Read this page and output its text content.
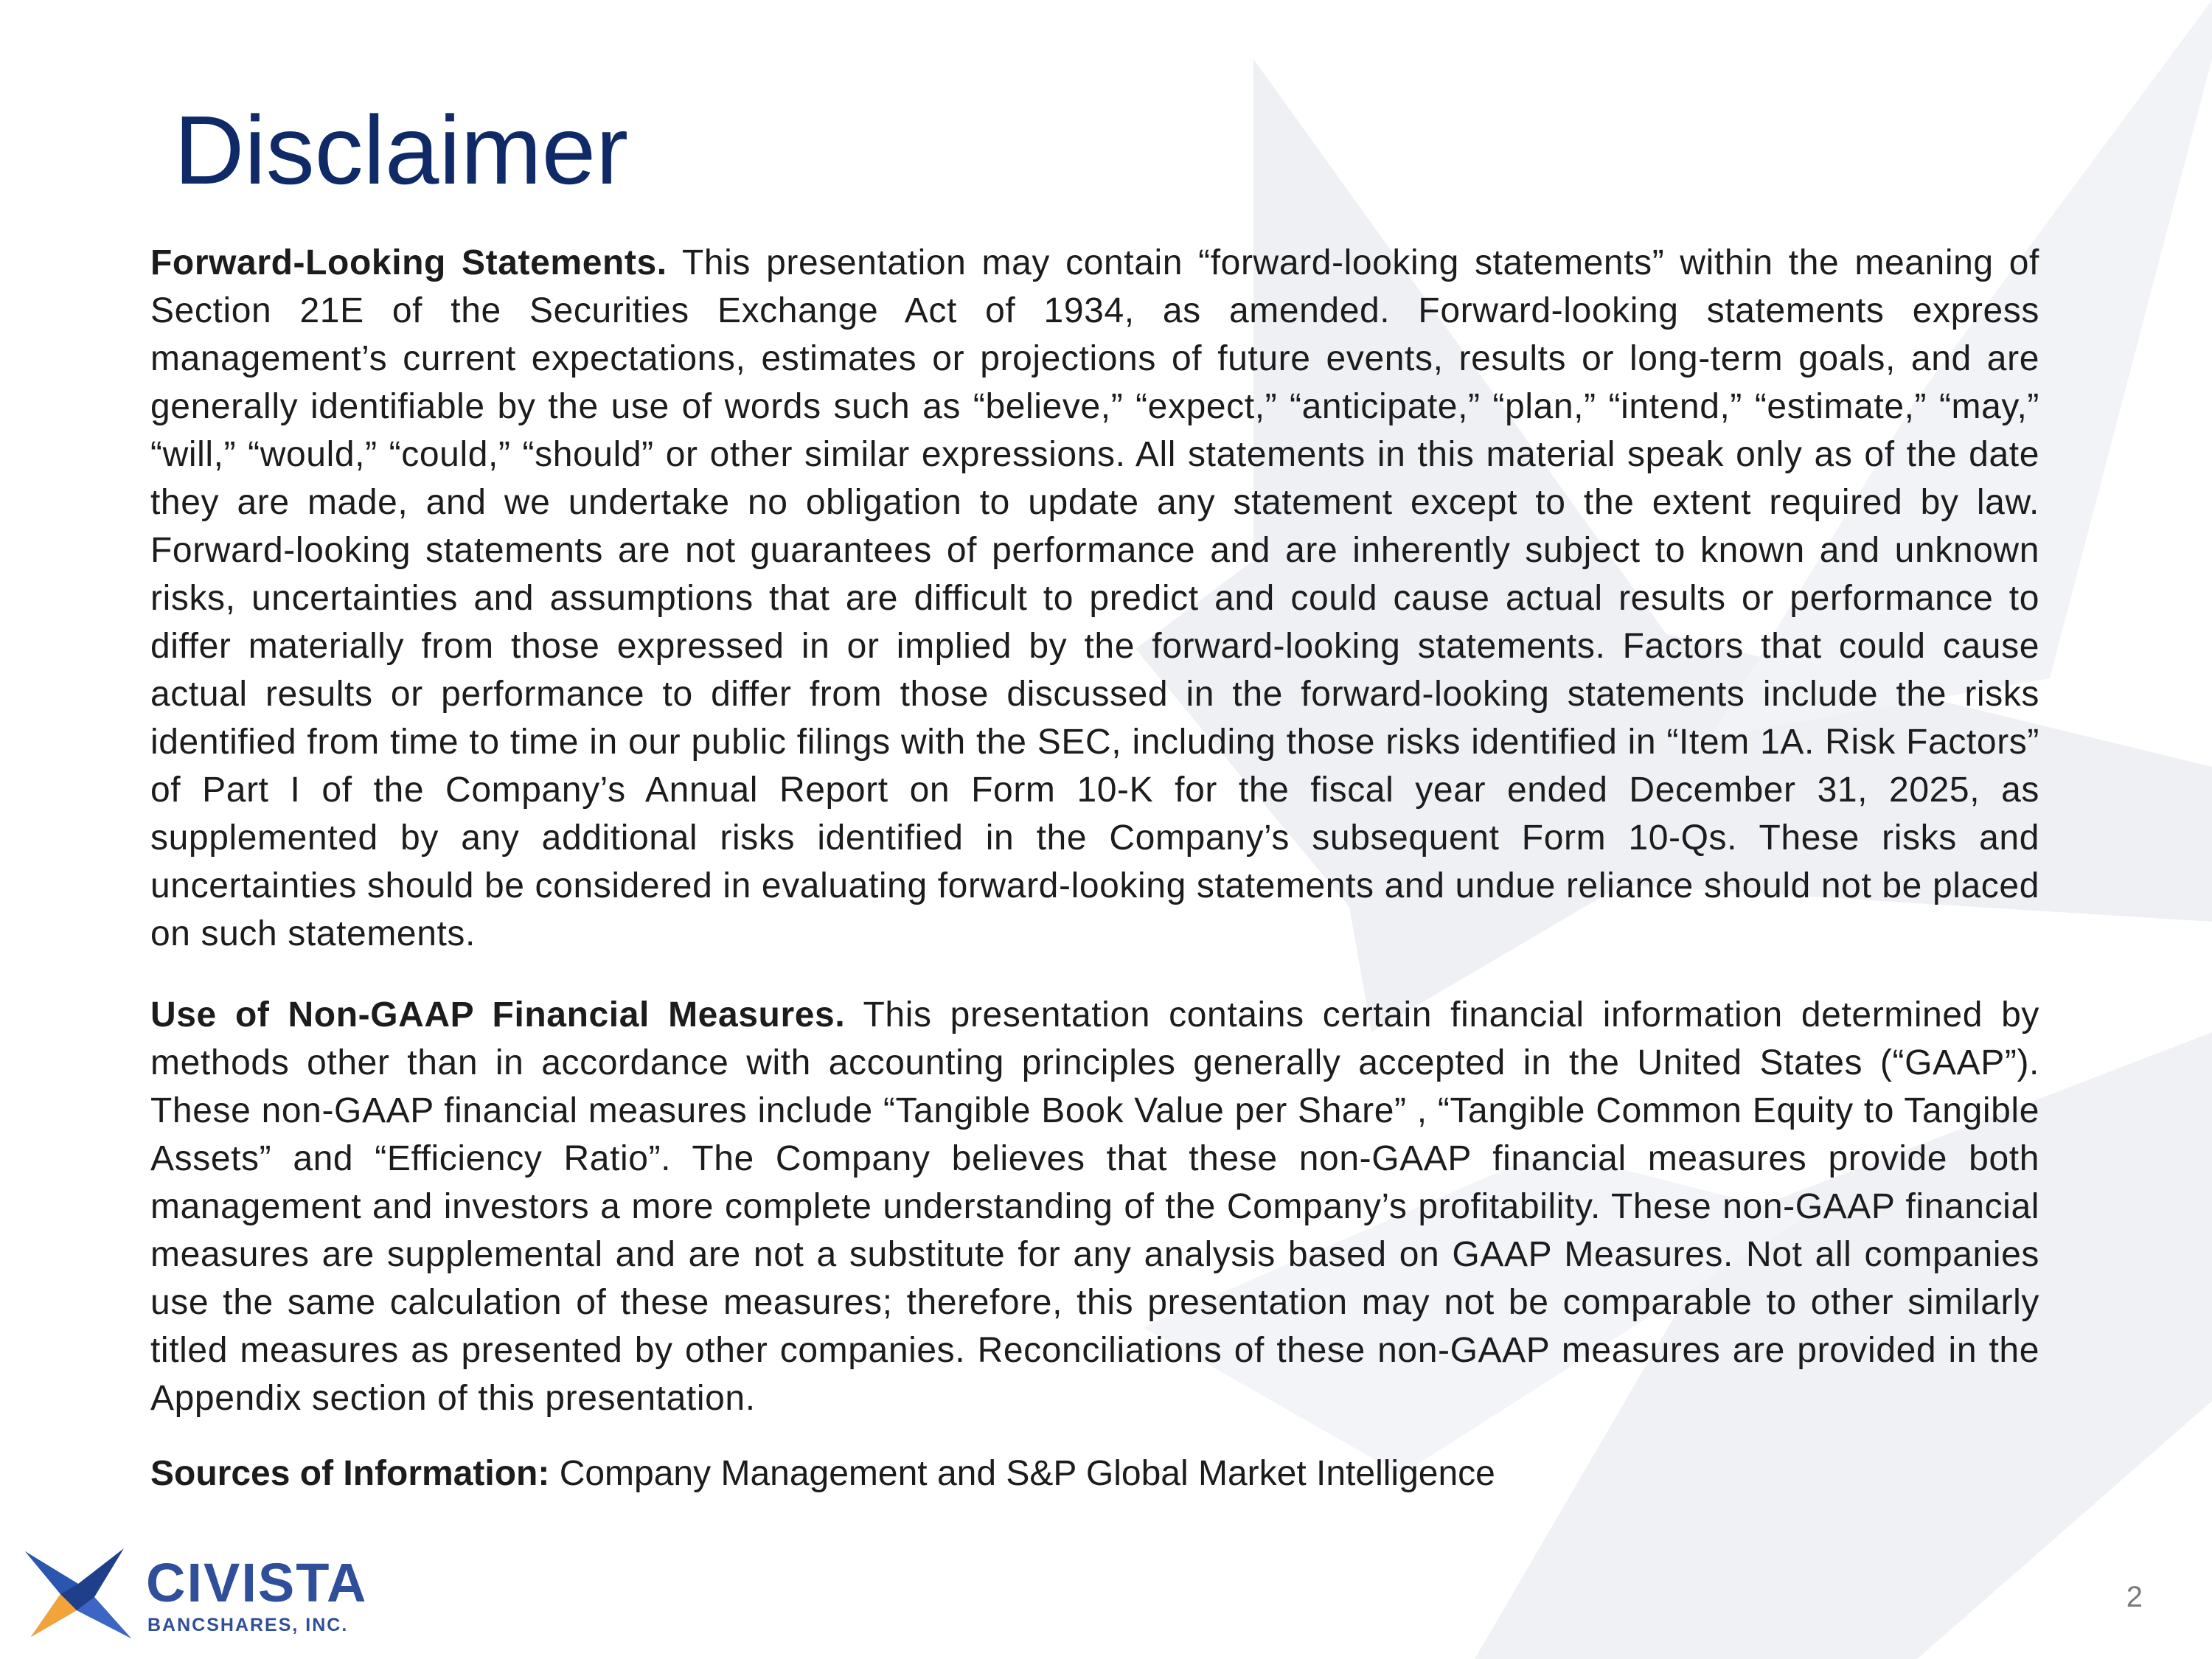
Disclaimer

Forward-Looking Statements. This presentation may contain “forward-looking statements” within the meaning of Section 21E of the Securities Exchange Act of 1934, as amended. Forward-looking statements express management’s current expectations, estimates or projections of future events, results or long-term goals, and are generally identifiable by the use of words such as “believe,” “expect,” “anticipate,” “plan,” “intend,” “estimate,” “may,” “will,” “would,” “could,” “should” or other similar expressions. All statements in this material speak only as of the date they are made, and we undertake no obligation to update any statement except to the extent required by law. Forward-looking statements are not guarantees of performance and are inherently subject to known and unknown risks, uncertainties and assumptions that are difficult to predict and could cause actual results or performance to differ materially from those expressed in or implied by the forward-looking statements. Factors that could cause actual results or performance to differ from those discussed in the forward-looking statements include the risks identified from time to time in our public filings with the SEC, including those risks identified in “Item 1A. Risk Factors” of Part I of the Company’s Annual Report on Form 10-K for the fiscal year ended December 31, 2025, as supplemented by any additional risks identified in the Company’s subsequent Form 10-Qs. These risks and uncertainties should be considered in evaluating forward-looking statements and undue reliance should not be placed on such statements.

Use of Non-GAAP Financial Measures. This presentation contains certain financial information determined by methods other than in accordance with accounting principles generally accepted in the United States (“GAAP”). These non-GAAP financial measures include “Tangible Book Value per Share” , “Tangible Common Equity to Tangible Assets” and “Efficiency Ratio”. The Company believes that these non-GAAP financial measures provide both management and investors a more complete understanding of the Company’s profitability. These non-GAAP financial measures are supplemental and are not a substitute for any analysis based on GAAP Measures. Not all companies use the same calculation of these measures; therefore, this presentation may not be comparable to other similarly titled measures as presented by other companies. Reconciliations of these non-GAAP measures are provided in the Appendix section of this presentation.

Sources of Information: Company Management and S&P Global Market Intelligence

CIVISTA
BANCSHARES, INC.
2
